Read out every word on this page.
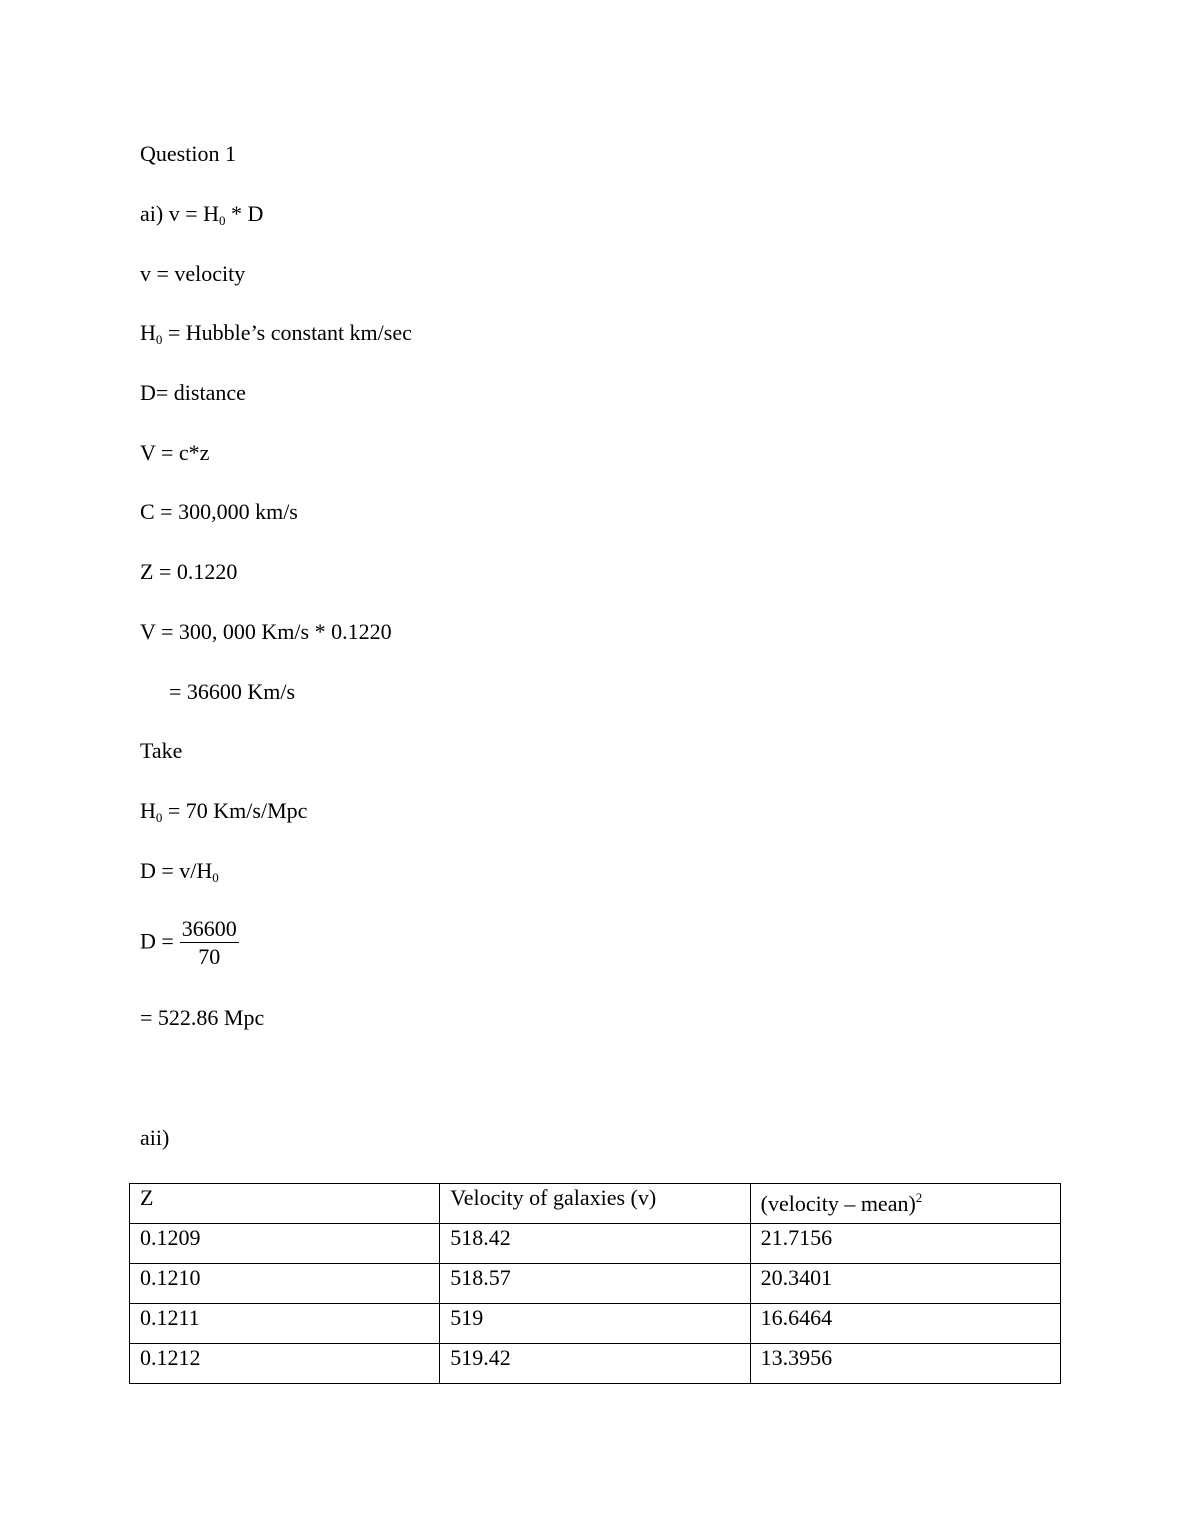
Question 1
ai) $v = H_0 * D$
v = velocity
$H_0$ = Hubble’s constant km/sec
D= distance
V = c*z
C = 300,000 km/s
Z = 0.1220
V = 300, 000 Km/s * 0.1220
= 36600 Km/s
Take
$H_0 = 70$ Km/s/Mpc
$D = v/H_0$
$D = \frac{36600}{70}$
= 522.86 Mpc
aii)
Z	Velocity of galaxies (v)	(velocity – mean)$^2$
0.1209	518.42	21.7156
0.1210	518.57	20.3401
0.1211	519	16.6464
0.1212	519.42	13.3956
